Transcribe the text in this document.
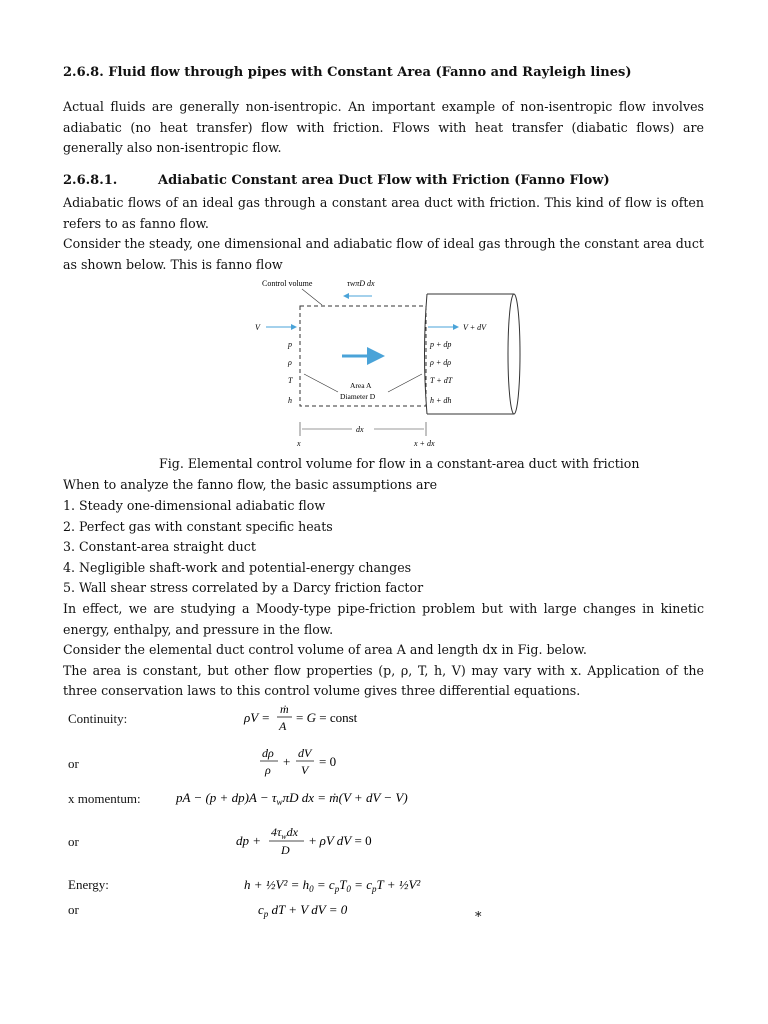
2.6.8. Fluid flow through pipes with Constant Area (Fanno and Rayleigh lines)

Actual fluids are generally non-isentropic. An important example of non-isentropic flow involves adiabatic (no heat transfer) flow with friction. Flows with heat transfer (diabatic flows) are generally also non-isentropic flow.

2.6.8.1.	Adiabatic Constant area Duct Flow with Friction (Fanno Flow)

Adiabatic flows of an ideal gas through a constant area duct with friction. This kind of flow is often refers to as fanno flow.

Consider the steady, one dimensional and adiabatic flow of ideal gas through the constant area duct as shown below. This is fanno flow

Control volume	τwπD dx
V
p
ρ
T
h
Area A
Diameter D
V + dV
p + dp
ρ + dρ
T + dT
h + dh
dx
x	x + dx
Fig. Elemental control volume for flow in a constant-area duct with friction

When to analyze the fanno flow, the basic assumptions are

1. Steady one-dimensional adiabatic flow
2. Perfect gas with constant specific heats
3. Constant-area straight duct
4. Negligible shaft-work and potential-energy changes
5. Wall shear stress correlated by a Darcy friction factor

In effect, we are studying a Moody-type pipe-friction problem but with large changes in kinetic energy, enthalpy, and pressure in the flow.

Consider the elemental duct control volume of area A and length dx in Fig. below.

The area is constant, but other flow properties (p, ρ, T, h, V) may vary with x. Application of the three conservation laws to this control volume gives three differential equations.

Continuity:
or
x momentum:
or
Energy:
or
ρV =
ṁ
A
= G = const
dρ
ρ
+
dV
V
= 0
pA − $(p + dp)A - \tau_w\pi D$ dx = ṁ(V + dV − V)
dp +
$4\tau_wdx$
D
+ ρV dV = 0
h + ½V² = $h_0 = c_pT_0 = c_pT$ + ½V²
$c_p$ dT + V dV = 0
*
